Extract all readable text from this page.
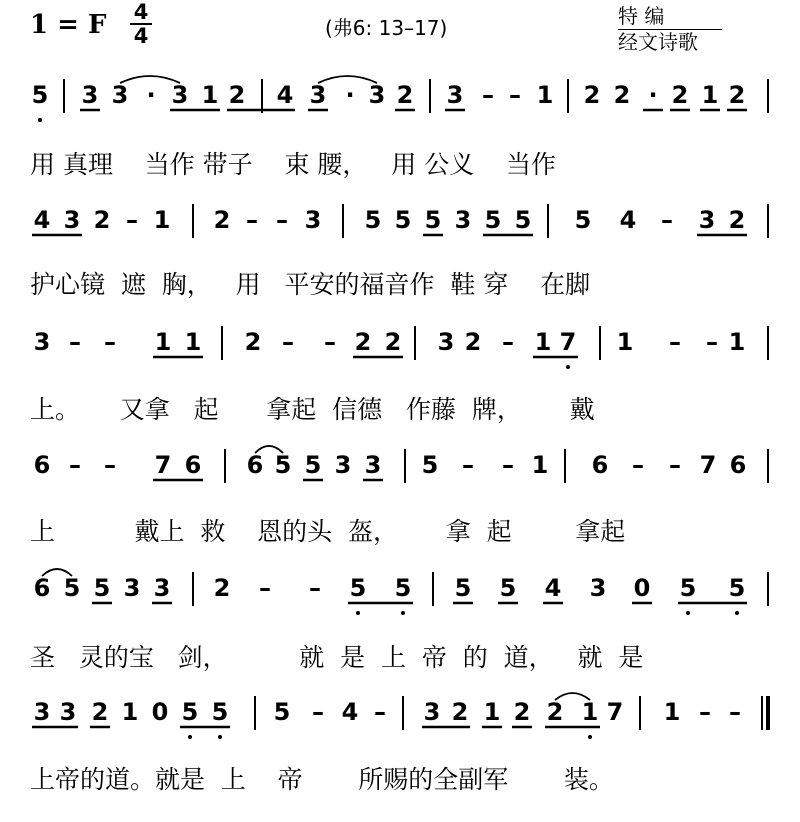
1 = F 4
4	(弗6: 13–17)	特 编
经文诗歌
5 3 3 · 3 1 2 4 3 · 3 2 3 – – 1 2 2 · 2 1 2
4 3 2 – 1 2 – – 3 5 5 5 3 5 5 5 4 – 3 2
3 – – 1 1 2 – – 2 2 3 2 – 1 7 1 – – 1
6 – – 7 6 6 5 5 3 3 5 – – 1 6 – – 7 6
6 5 5 3 3 2 – – 5 5 5 5 4 3 0 5 5
3 3 2 1 0 5 5 5 – 4 – 3 2 1 2 2 1 7 1 – –
用 真理    当作 带子    束 腰，   用 公义    当作
护心镜  遮  胸，   用   平安的福音作  鞋 穿    在脚
上。     又拿   起      拿起  信德   作藤  牌，      戴
上          戴上  救    恩的头  盔，      拿  起        拿起
圣   灵的宝   剑，         就  是  上  帝  的  道，   就  是
上帝的道。就是  上    帝       所赐的全副军       装。
